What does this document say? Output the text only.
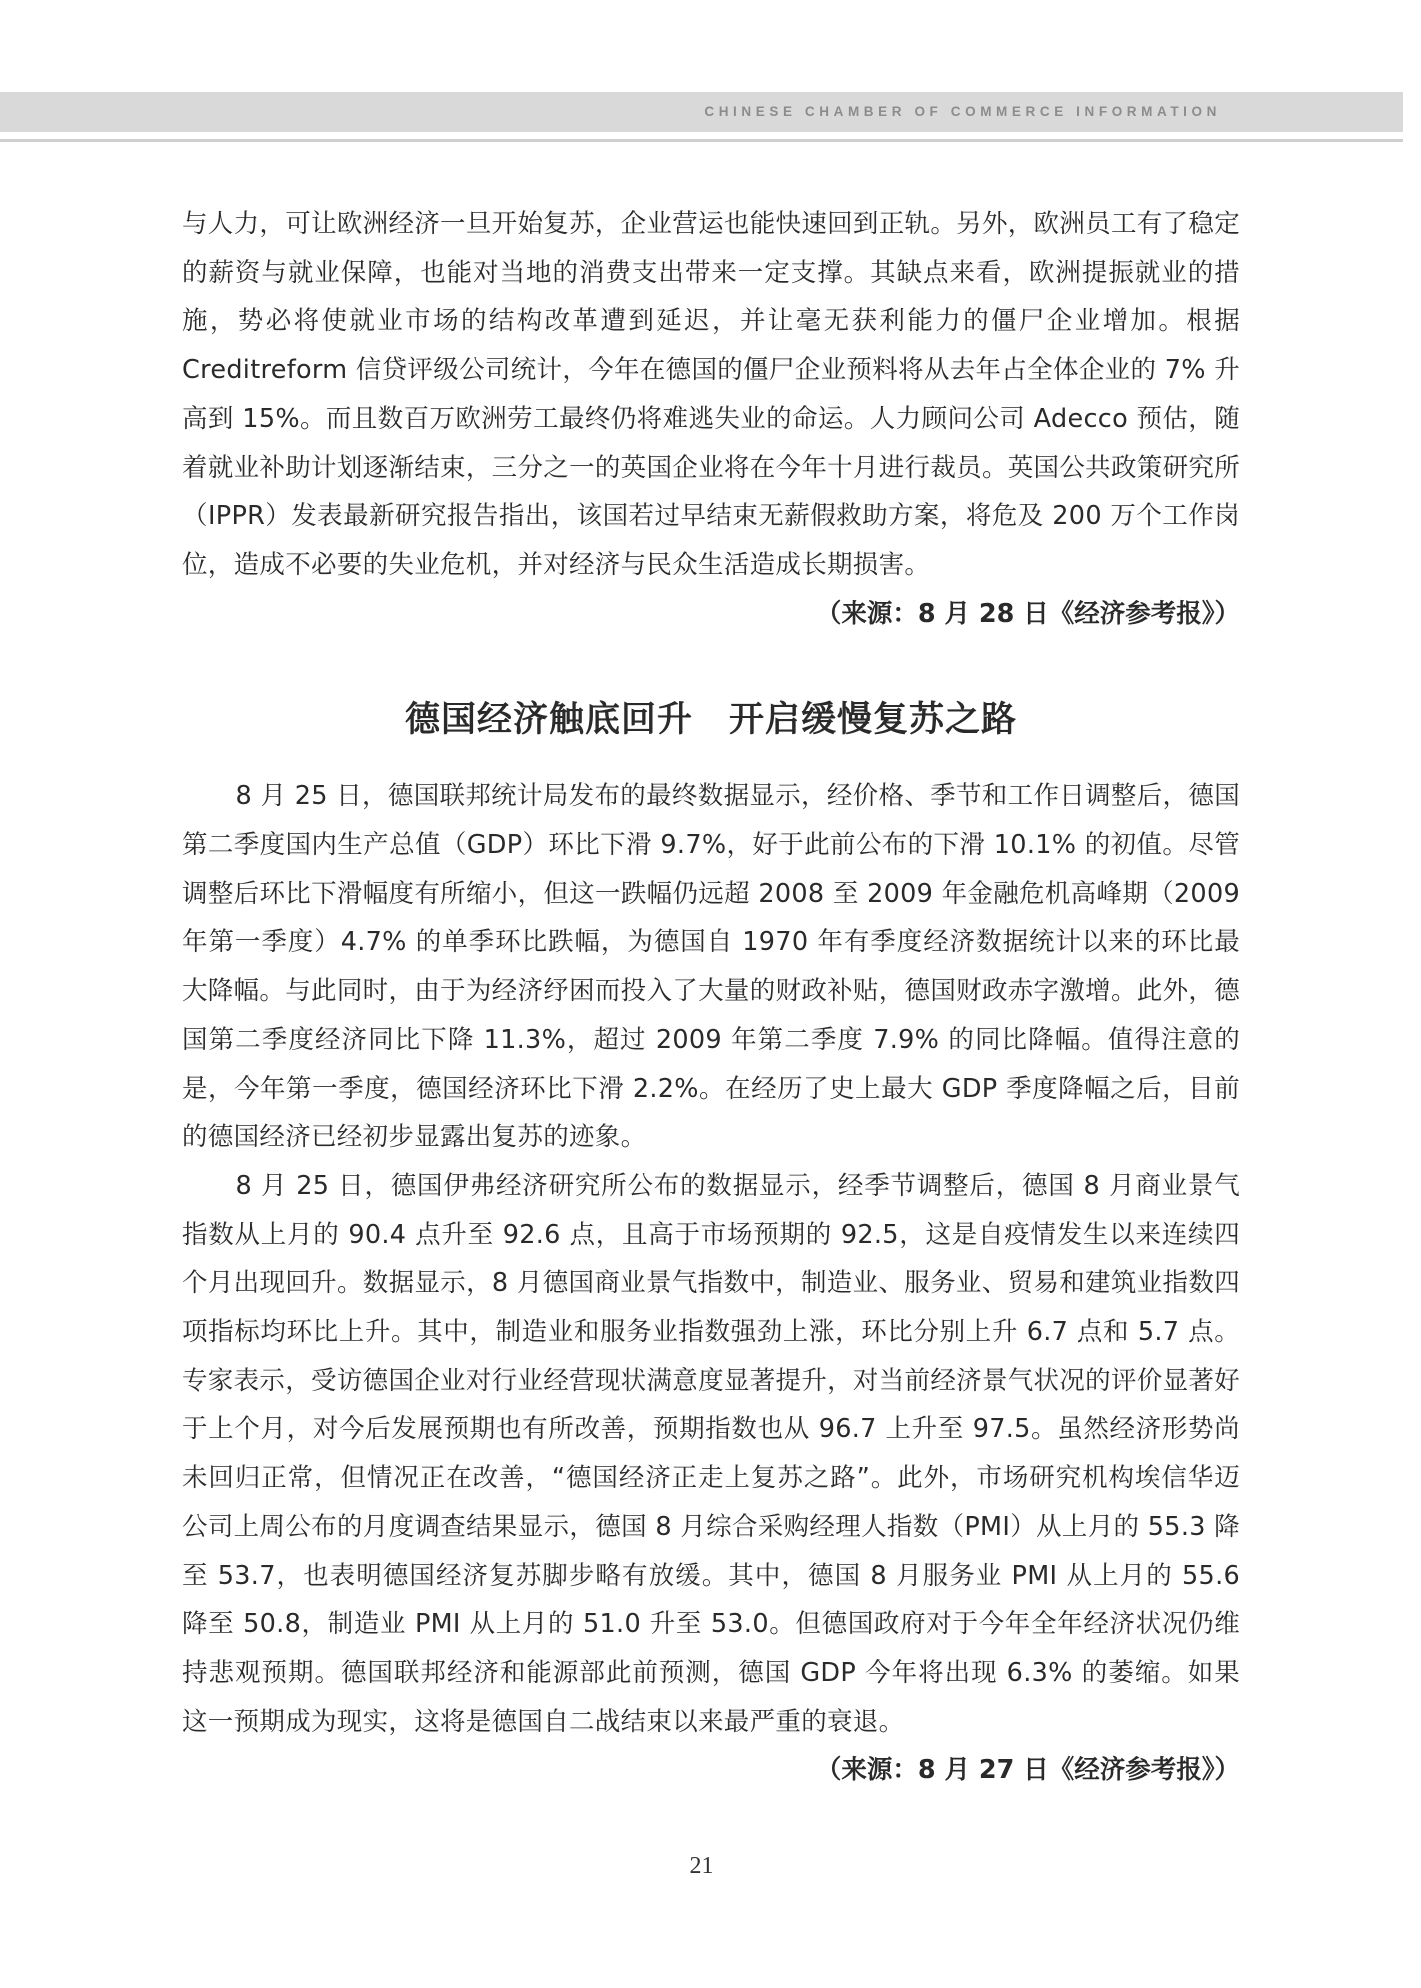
CHINESE CHAMBER OF COMMERCE INFORMATION

与人力，可让欧洲经济一旦开始复苏，企业营运也能快速回到正轨。另外，欧洲员工有了稳定的薪资与就业保障，也能对当地的消费支出带来一定支撑。其缺点来看，欧洲提振就业的措施，势必将使就业市场的结构改革遭到延迟，并让毫无获利能力的僵尸企业增加。根据 Creditreform 信贷评级公司统计，今年在德国的僵尸企业预料将从去年占全体企业的 7% 升高到 15%。而且数百万欧洲劳工最终仍将难逃失业的命运。人力顾问公司 Adecco 预估，随着就业补助计划逐渐结束，三分之一的英国企业将在今年十月进行裁员。英国公共政策研究所（IPPR）发表最新研究报告指出，该国若过早结束无薪假救助方案，将危及 200 万个工作岗位，造成不必要的失业危机，并对经济与民众生活造成长期损害。

（来源：8 月 28 日《经济参考报》）

德国经济触底回升　开启缓慢复苏之路

8 月 25 日，德国联邦统计局发布的最终数据显示，经价格、季节和工作日调整后，德国第二季度国内生产总值（GDP）环比下滑 9.7%，好于此前公布的下滑 10.1% 的初值。尽管调整后环比下滑幅度有所缩小，但这一跌幅仍远超 2008 至 2009 年金融危机高峰期（2009 年第一季度）4.7% 的单季环比跌幅，为德国自 1970 年有季度经济数据统计以来的环比最大降幅。与此同时，由于为经济纾困而投入了大量的财政补贴，德国财政赤字激增。此外，德国第二季度经济同比下降 11.3%，超过 2009 年第二季度 7.9% 的同比降幅。值得注意的是，今年第一季度，德国经济环比下滑 2.2%。在经历了史上最大 GDP 季度降幅之后，目前的德国经济已经初步显露出复苏的迹象。

8 月 25 日，德国伊弗经济研究所公布的数据显示，经季节调整后，德国 8 月商业景气指数从上月的 90.4 点升至 92.6 点，且高于市场预期的 92.5，这是自疫情发生以来连续四个月出现回升。数据显示，8 月德国商业景气指数中，制造业、服务业、贸易和建筑业指数四项指标均环比上升。其中，制造业和服务业指数强劲上涨，环比分别上升 6.7 点和 5.7 点。专家表示，受访德国企业对行业经营现状满意度显著提升，对当前经济景气状况的评价显著好于上个月，对今后发展预期也有所改善，预期指数也从 96.7 上升至 97.5。虽然经济形势尚未回归正常，但情况正在改善，“德国经济正走上复苏之路”。此外，市场研究机构埃信华迈公司上周公布的月度调查结果显示，德国 8 月综合采购经理人指数（PMI）从上月的 55.3 降至 53.7，也表明德国经济复苏脚步略有放缓。其中，德国 8 月服务业 PMI 从上月的 55.6 降至 50.8，制造业 PMI 从上月的 51.0 升至 53.0。但德国政府对于今年全年经济状况仍维持悲观预期。德国联邦经济和能源部此前预测，德国 GDP 今年将出现 6.3% 的萎缩。如果这一预期成为现实，这将是德国自二战结束以来最严重的衰退。

（来源：8 月 27 日《经济参考报》）

21
